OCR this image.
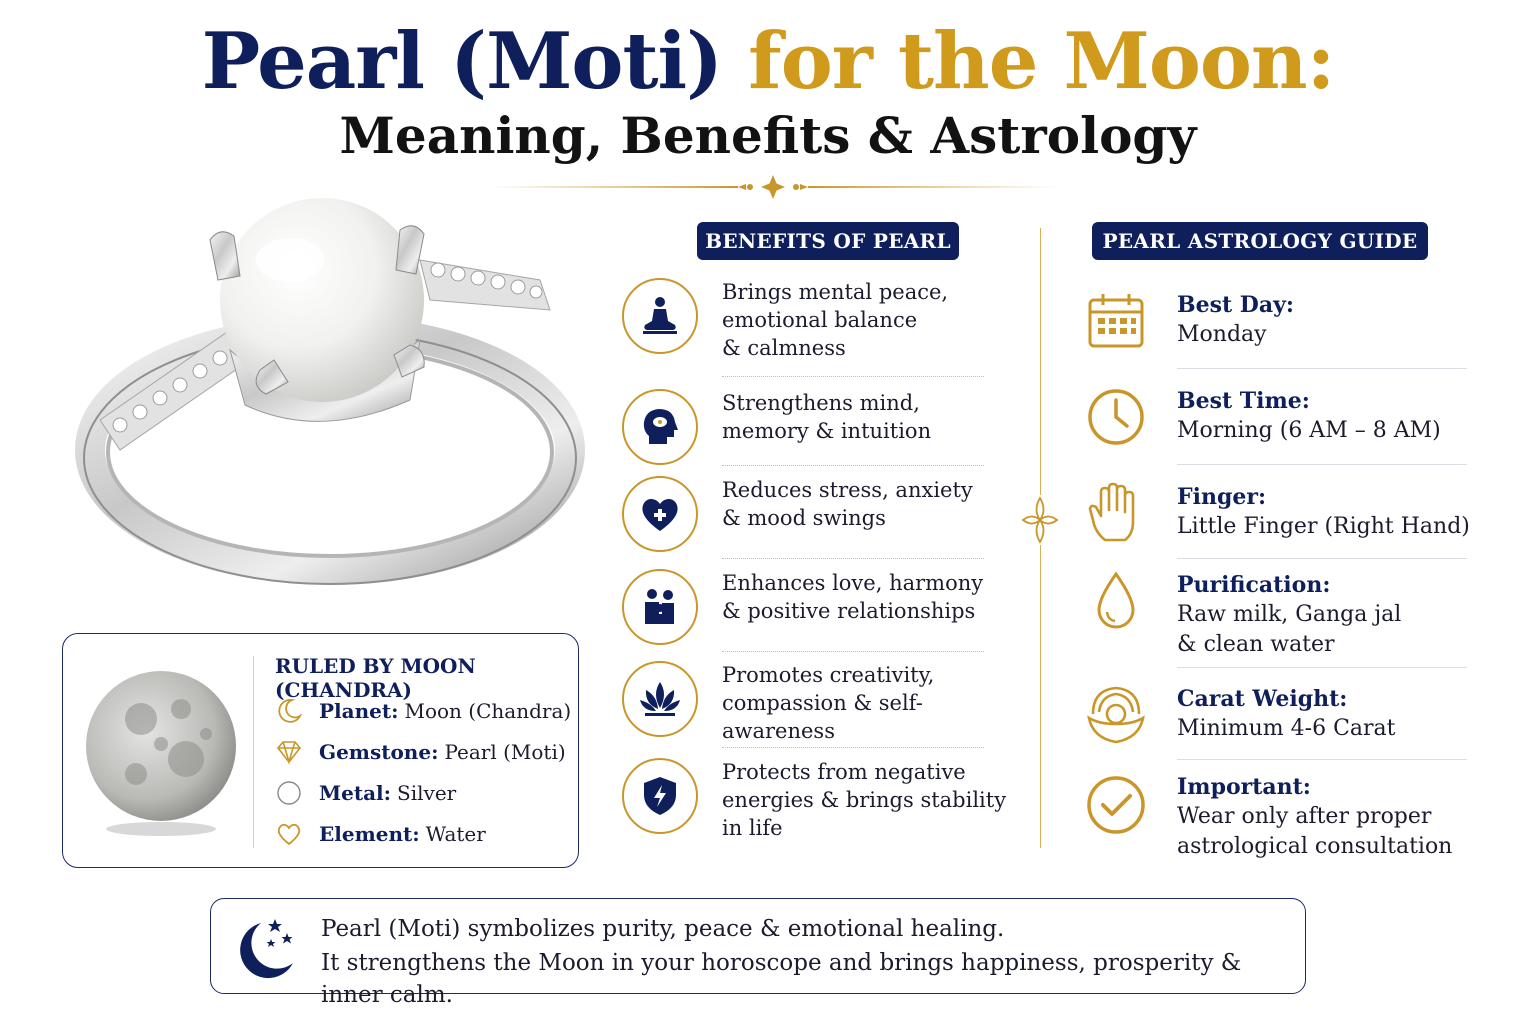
Pearl (Moti) for the Moon:
Meaning, Benefits & Astrology
RULED BY MOON (CHANDRA)
Planet: Moon (Chandra)
Gemstone: Pearl (Moti)
Metal: Silver
Element: Water
BENEFITS OF PEARL	PEARL ASTROLOGY GUIDE
Brings mental peace,
emotional balance
& calmness
Strengthens mind,
memory & intuition
Reduces stress, anxiety
& mood swings
Enhances love, harmony
& positive relationships
Promotes creativity,
compassion & self-awareness
Protects from negative
energies & brings stability
in life
Best Day:
Monday
Best Time:
Morning (6 AM – 8 AM)
Finger:
Little Finger (Right Hand)
Purification:
Raw milk, Ganga jal
& clean water
Carat Weight:
Minimum 4-6 Carat
Important:
Wear only after proper
astrological consultation
Pearl (Moti) symbolizes purity, peace & emotional healing.
It strengthens the Moon in your horoscope and brings happiness, prosperity & inner calm.
